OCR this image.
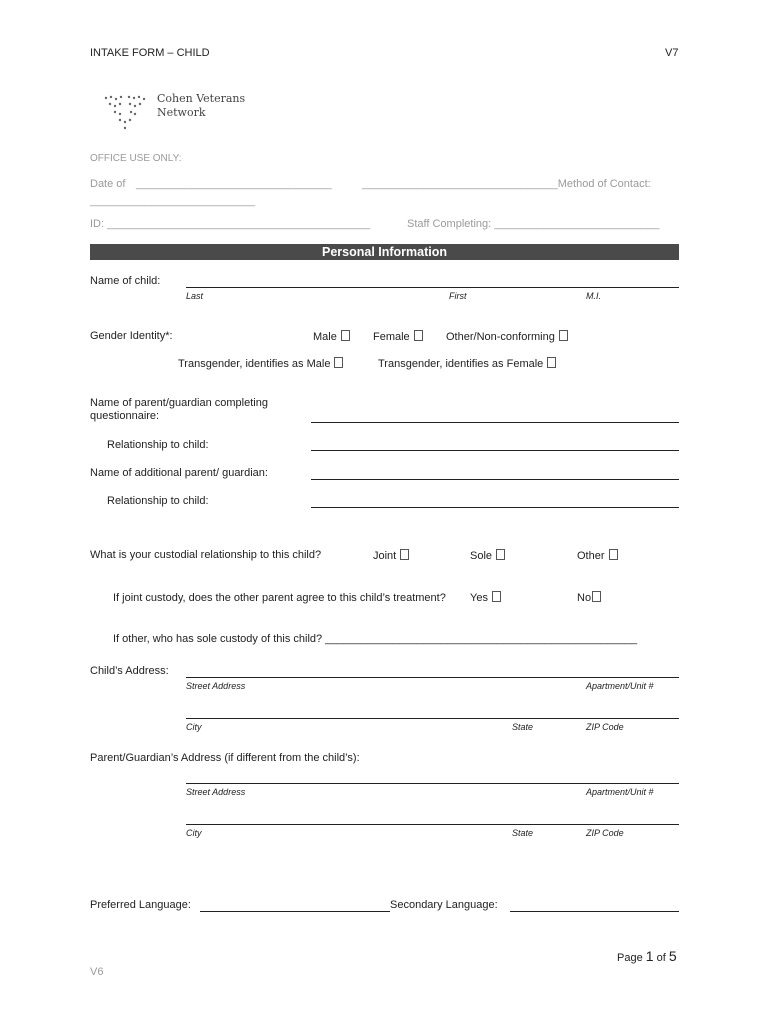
INTAKE FORM – CHILD	V7
Cohen Veterans
Network
OFFICE USE ONLY:
Date of ________________________________	________________________________Method of Contact:
___________________________
ID: ___________________________________________	Staff Completing: ___________________________
Personal Information
Name of child:
Last	First	M.I.
Gender Identity*:	Male	Female	Other/Non-conforming
Transgender, identifies as Male	Transgender, identifies as Female
Name of parent/guardian completing
questionnaire:
Relationship to child:
Name of additional parent/ guardian:
Relationship to child:
What is your custodial relationship to this child?	Joint	Sole	Other
If joint custody, does the other parent agree to this child’s treatment? Yes	No
If other, who has sole custody of this child? ___________________________________________________
Child’s Address:
Street Address	Apartment/Unit #
City	State	ZIP Code
Parent/Guardian’s Address (if different from the child’s):
Street Address	Apartment/Unit #
City	State	ZIP Code
Preferred Language:	Secondary Language:
Page 1 of 5
V6
